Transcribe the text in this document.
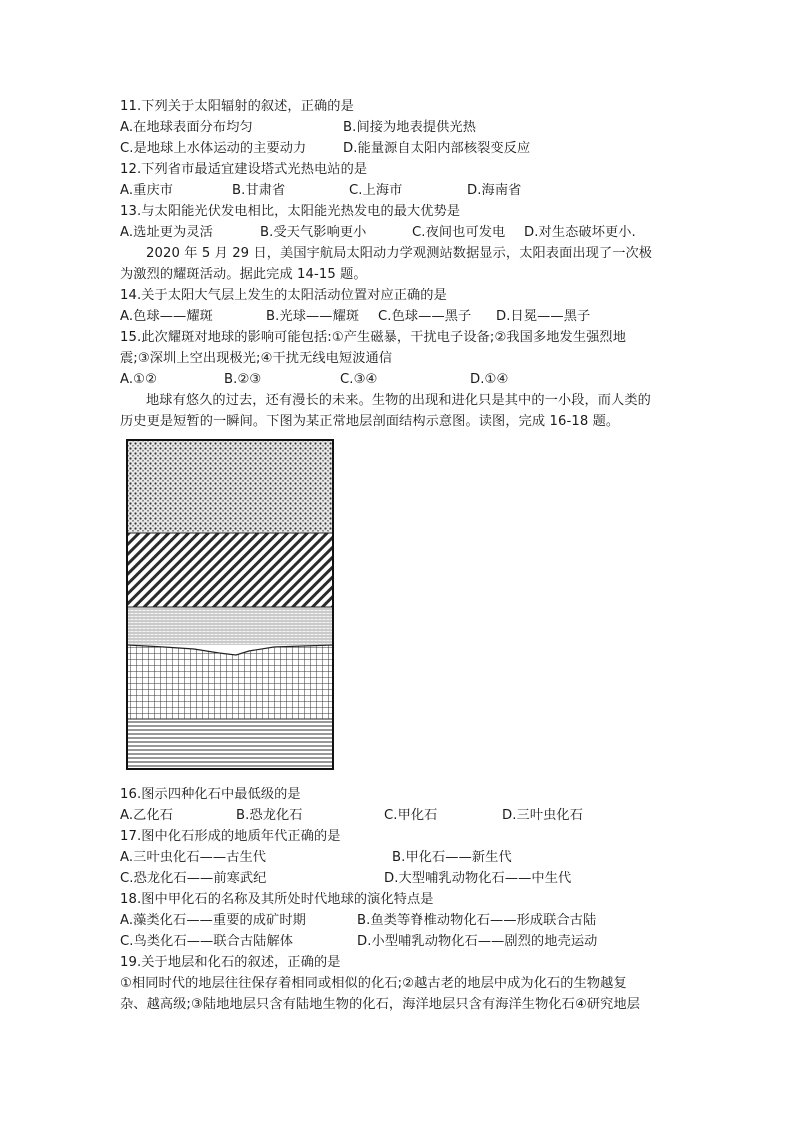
11.下列关于太阳辐射的叙述，正确的是
A.在地球表面分布均匀	B.间接为地表提供光热
C.是地球上水体运动的主要动力	D.能量源自太阳内部核裂变反应
12.下列省市最适宜建设塔式光热电站的是
A.重庆市	B.甘肃省	C.上海市	D.海南省
13.与太阳能光伏发电相比，太阳能光热发电的最大优势是
A.选址更为灵活	B.受天气影响更小	C.夜间也可发电 D.对生态破坏更小.
2020 年 5 月 29 日，美国宇航局太阳动力学观测站数据显示，太阳表面出现了一次极
为激烈的耀斑活动。据此完成 14-15 题。
14.关于太阳大气层上发生的太阳活动位置对应正确的是
A.色球——耀斑	B.光球——耀斑 C.色球——黑子 D.日冕——黑子
15.此次耀斑对地球的影响可能包括:①产生磁暴，干扰电子设备;②我国多地发生强烈地
震;③深圳上空出现极光;④干扰无线电短波通信
A.①②	B.②③	C.③④	D.①④
地球有悠久的过去，还有漫长的未来。生物的出现和进化只是其中的一小段，而人类的
历史更是短暂的一瞬间。下图为某正常地层剖面结构示意图。读图，完成 16-18 题。
16.图示四种化石中最低级的是
A.乙化石	B.恐龙化石	C.甲化石	D.三叶虫化石
17.图中化石形成的地质年代正确的是
A.三叶虫化石——古生代	B.甲化石——新生代
C.恐龙化石——前寒武纪	D.大型哺乳动物化石——中生代
18.图中甲化石的名称及其所处时代地球的演化特点是
A.藻类化石——重要的成矿时期	B.鱼类等脊椎动物化石——形成联合古陆
C.鸟类化石——联合古陆解体	D.小型哺乳动物化石——剧烈的地壳运动
19.关于地层和化石的叙述，正确的是
①相同时代的地层往往保存着相同或相似的化石;②越古老的地层中成为化石的生物越复
杂、越高级;③陆地地层只含有陆地生物的化石，海洋地层只含有海洋生物化石④研究地层
